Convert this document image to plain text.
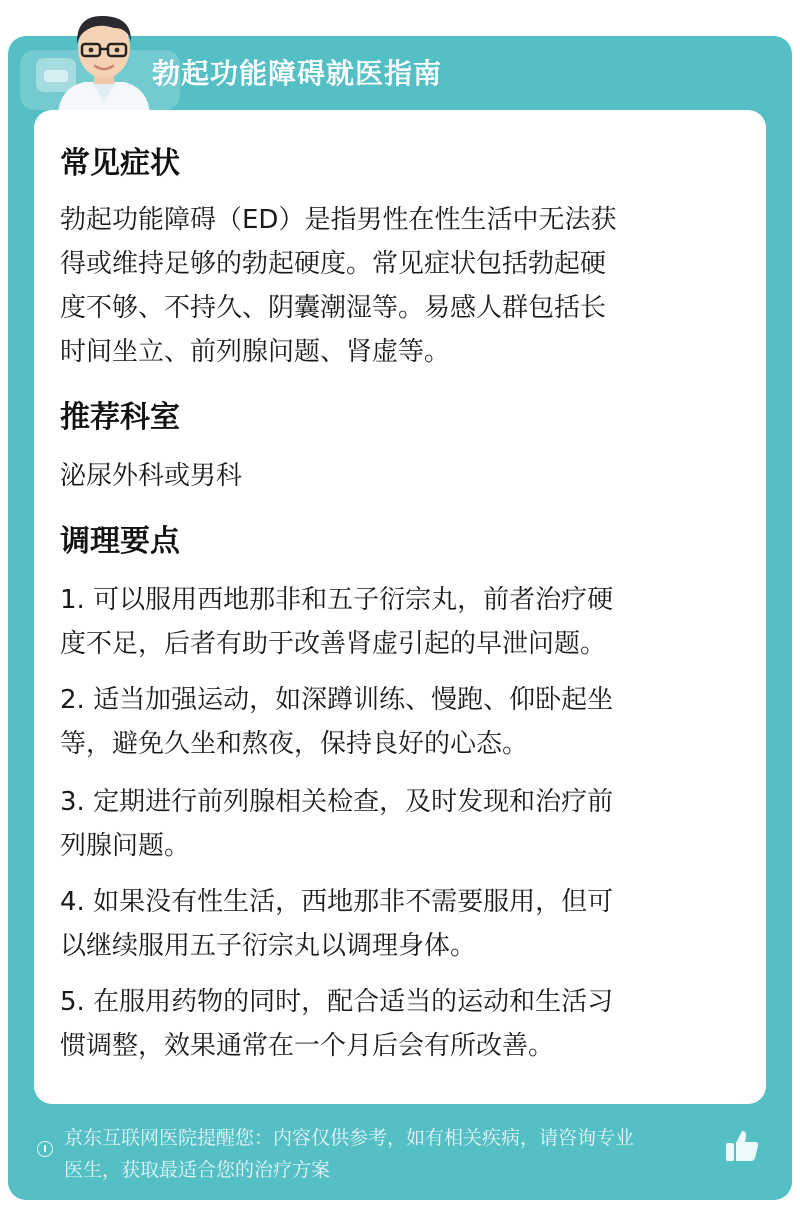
勃起功能障碍就医指南
常见症状
勃起功能障碍（ED）是指男性在性生活中无法获
得或维持足够的勃起硬度。常见症状包括勃起硬
度不够、不持久、阴囊潮湿等。易感人群包括长
时间坐立、前列腺问题、肾虚等。
推荐科室
泌尿外科或男科
调理要点
1. 可以服用西地那非和五子衍宗丸，前者治疗硬
度不足，后者有助于改善肾虚引起的早泄问题。
2. 适当加强运动，如深蹲训练、慢跑、仰卧起坐
等，避免久坐和熬夜，保持良好的心态。
3. 定期进行前列腺相关检查，及时发现和治疗前
列腺问题。
4. 如果没有性生活，西地那非不需要服用，但可
以继续服用五子衍宗丸以调理身体。
5. 在服用药物的同时，配合适当的运动和生活习
惯调整，效果通常在一个月后会有所改善。
京东互联网医院提醒您：内容仅供参考，如有相关疾病，请咨询专业
医生，获取最适合您的治疗方案
